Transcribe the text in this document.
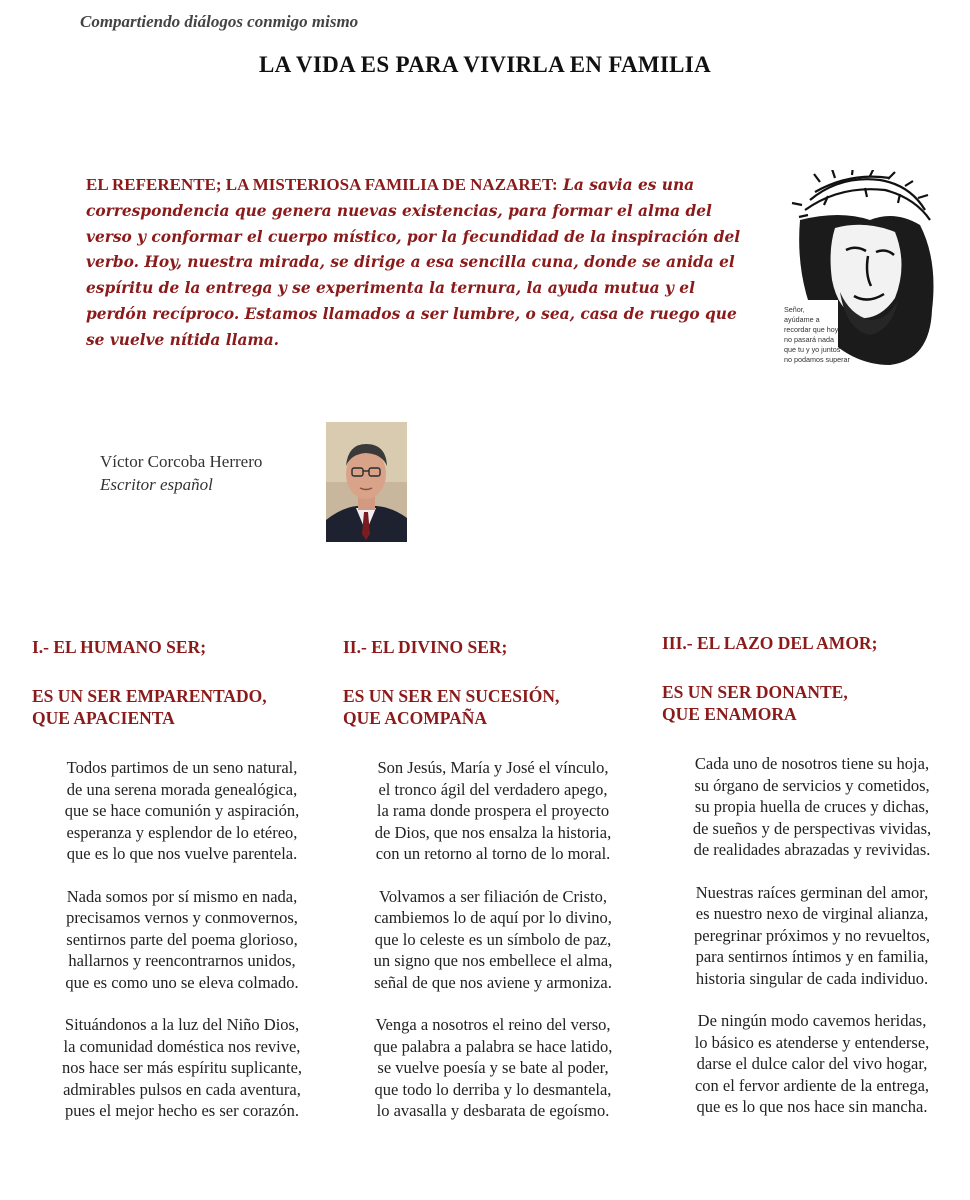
Compartiendo diálogos conmigo mismo
LA VIDA ES PARA VIVIRLA EN FAMILIA
EL REFERENTE; LA MISTERIOSA FAMILIA DE NAZARET: La savia es una correspondencia que genera nuevas existencias, para formar el alma del verso y conformar el cuerpo místico, por la fecundidad de la inspiración del verbo. Hoy, nuestra mirada, se dirige a esa sencilla cuna, donde se anida el espíritu de la entrega y se experimenta la ternura, la ayuda mutua y el perdón recíproco. Estamos llamados a ser lumbre, o sea, casa de ruego que se vuelve nítida llama.
Señor,
ayúdame a
recordar que hoy
no pasará nada
que tu y yo juntos
no podamos superar
Víctor Corcoba Herrero
Escritor español
I.- EL HUMANO SER;
ES UN SER EMPARENTADO,
QUE APACIENTA
Todos partimos de un seno natural,
de una serena morada genealógica,
que se hace comunión y aspiración,
esperanza y esplendor de lo etéreo,
que es lo que nos vuelve parentela.
Nada somos por sí mismo en nada,
precisamos vernos y conmovernos,
sentirnos parte del poema glorioso,
hallarnos y reencontrarnos unidos,
que es como uno se eleva colmado.
Situándonos a la luz del Niño Dios,
la comunidad doméstica nos revive,
nos hace ser más espíritu suplicante,
admirables pulsos en cada aventura,
pues el mejor hecho es ser corazón.
II.- EL DIVINO SER;
ES UN SER EN SUCESIÓN,
QUE ACOMPAÑA
Son Jesús, María y José el vínculo,
el tronco ágil del verdadero apego,
la rama donde prospera el proyecto
de Dios, que nos ensalza la historia,
con un retorno al torno de lo moral.
Volvamos a ser filiación de Cristo,
cambiemos lo de aquí por lo divino,
que lo celeste es un símbolo de paz,
un signo que nos embellece el alma,
señal de que nos aviene y armoniza.
Venga a nosotros el reino del verso,
que palabra a palabra se hace latido,
se vuelve poesía y se bate al poder,
que todo lo derriba y lo desmantela,
lo avasalla y desbarata de egoísmo.
III.- EL LAZO DEL AMOR;
ES UN SER DONANTE,
QUE ENAMORA
Cada uno de nosotros tiene su hoja,
su órgano de servicios y cometidos,
su propia huella de cruces y dichas,
de sueños y de perspectivas vividas,
de realidades abrazadas y revividas.
Nuestras raíces germinan del amor,
es nuestro nexo de virginal alianza,
peregrinar próximos y no revueltos,
para sentirnos íntimos y en familia,
historia singular de cada individuo.
De ningún modo cavemos heridas,
lo básico es atenderse y entenderse,
darse el dulce calor del vivo hogar,
con el fervor ardiente de la entrega,
que es lo que nos hace sin mancha.
